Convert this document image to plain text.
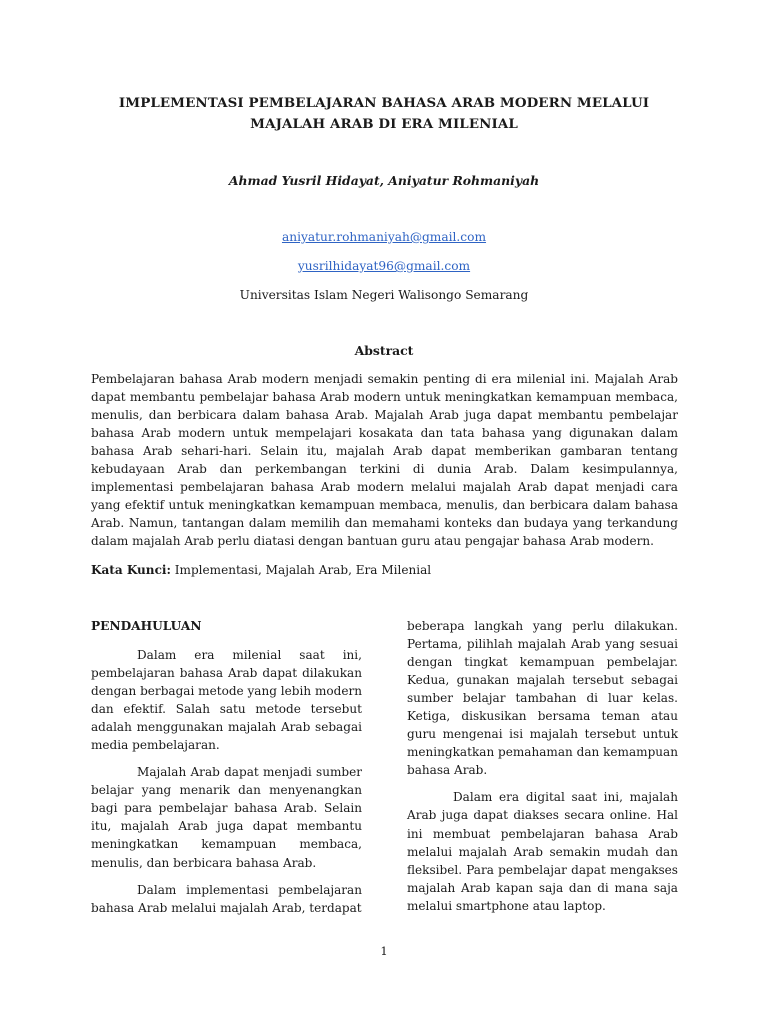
IMPLEMENTASI PEMBELAJARAN BAHASA ARAB MODERN MELALUI MAJALAH ARAB DI ERA MILENIAL
Ahmad Yusril Hidayat, Aniyatur Rohmaniyah
aniyatur.rohmaniyah@gmail.com
yusrilhidayat96@gmail.com
Universitas Islam Negeri Walisongo Semarang
Abstract
Pembelajaran bahasa Arab modern menjadi semakin penting di era milenial ini. Majalah Arab dapat membantu pembelajar bahasa Arab modern untuk meningkatkan kemampuan membaca, menulis, dan berbicara dalam bahasa Arab. Majalah Arab juga dapat membantu pembelajar bahasa Arab modern untuk mempelajari kosakata dan tata bahasa yang digunakan dalam bahasa Arab sehari-hari. Selain itu, majalah Arab dapat memberikan gambaran tentang kebudayaan Arab dan perkembangan terkini di dunia Arab. Dalam kesimpulannya, implementasi pembelajaran bahasa Arab modern melalui majalah Arab dapat menjadi cara yang efektif untuk meningkatkan kemampuan membaca, menulis, dan berbicara dalam bahasa Arab. Namun, tantangan dalam memilih dan memahami konteks dan budaya yang terkandung dalam majalah Arab perlu diatasi dengan bantuan guru atau pengajar bahasa Arab modern.
Kata Kunci: Implementasi, Majalah Arab, Era Milenial
PENDAHULUAN

Dalam era milenial saat ini, pembelajaran bahasa Arab dapat dilakukan dengan berbagai metode yang lebih modern dan efektif. Salah satu metode tersebut adalah menggunakan majalah Arab sebagai media pembelajaran.

Majalah Arab dapat menjadi sumber belajar yang menarik dan menyenangkan bagi para pembelajar bahasa Arab. Selain itu, majalah Arab juga dapat membantu meningkatkan kemampuan membaca, menulis, dan berbicara bahasa Arab.

Dalam implementasi pembelajaran bahasa Arab melalui majalah Arab, terdapat

beberapa langkah yang perlu dilakukan. Pertama, pilihlah majalah Arab yang sesuai dengan tingkat kemampuan pembelajar. Kedua, gunakan majalah tersebut sebagai sumber belajar tambahan di luar kelas. Ketiga, diskusikan bersama teman atau guru mengenai isi majalah tersebut untuk meningkatkan pemahaman dan kemampuan bahasa Arab.

Dalam era digital saat ini, majalah Arab juga dapat diakses secara online. Hal ini membuat pembelajaran bahasa Arab melalui majalah Arab semakin mudah dan fleksibel. Para pembelajar dapat mengakses majalah Arab kapan saja dan di mana saja melalui smartphone atau laptop.

1
